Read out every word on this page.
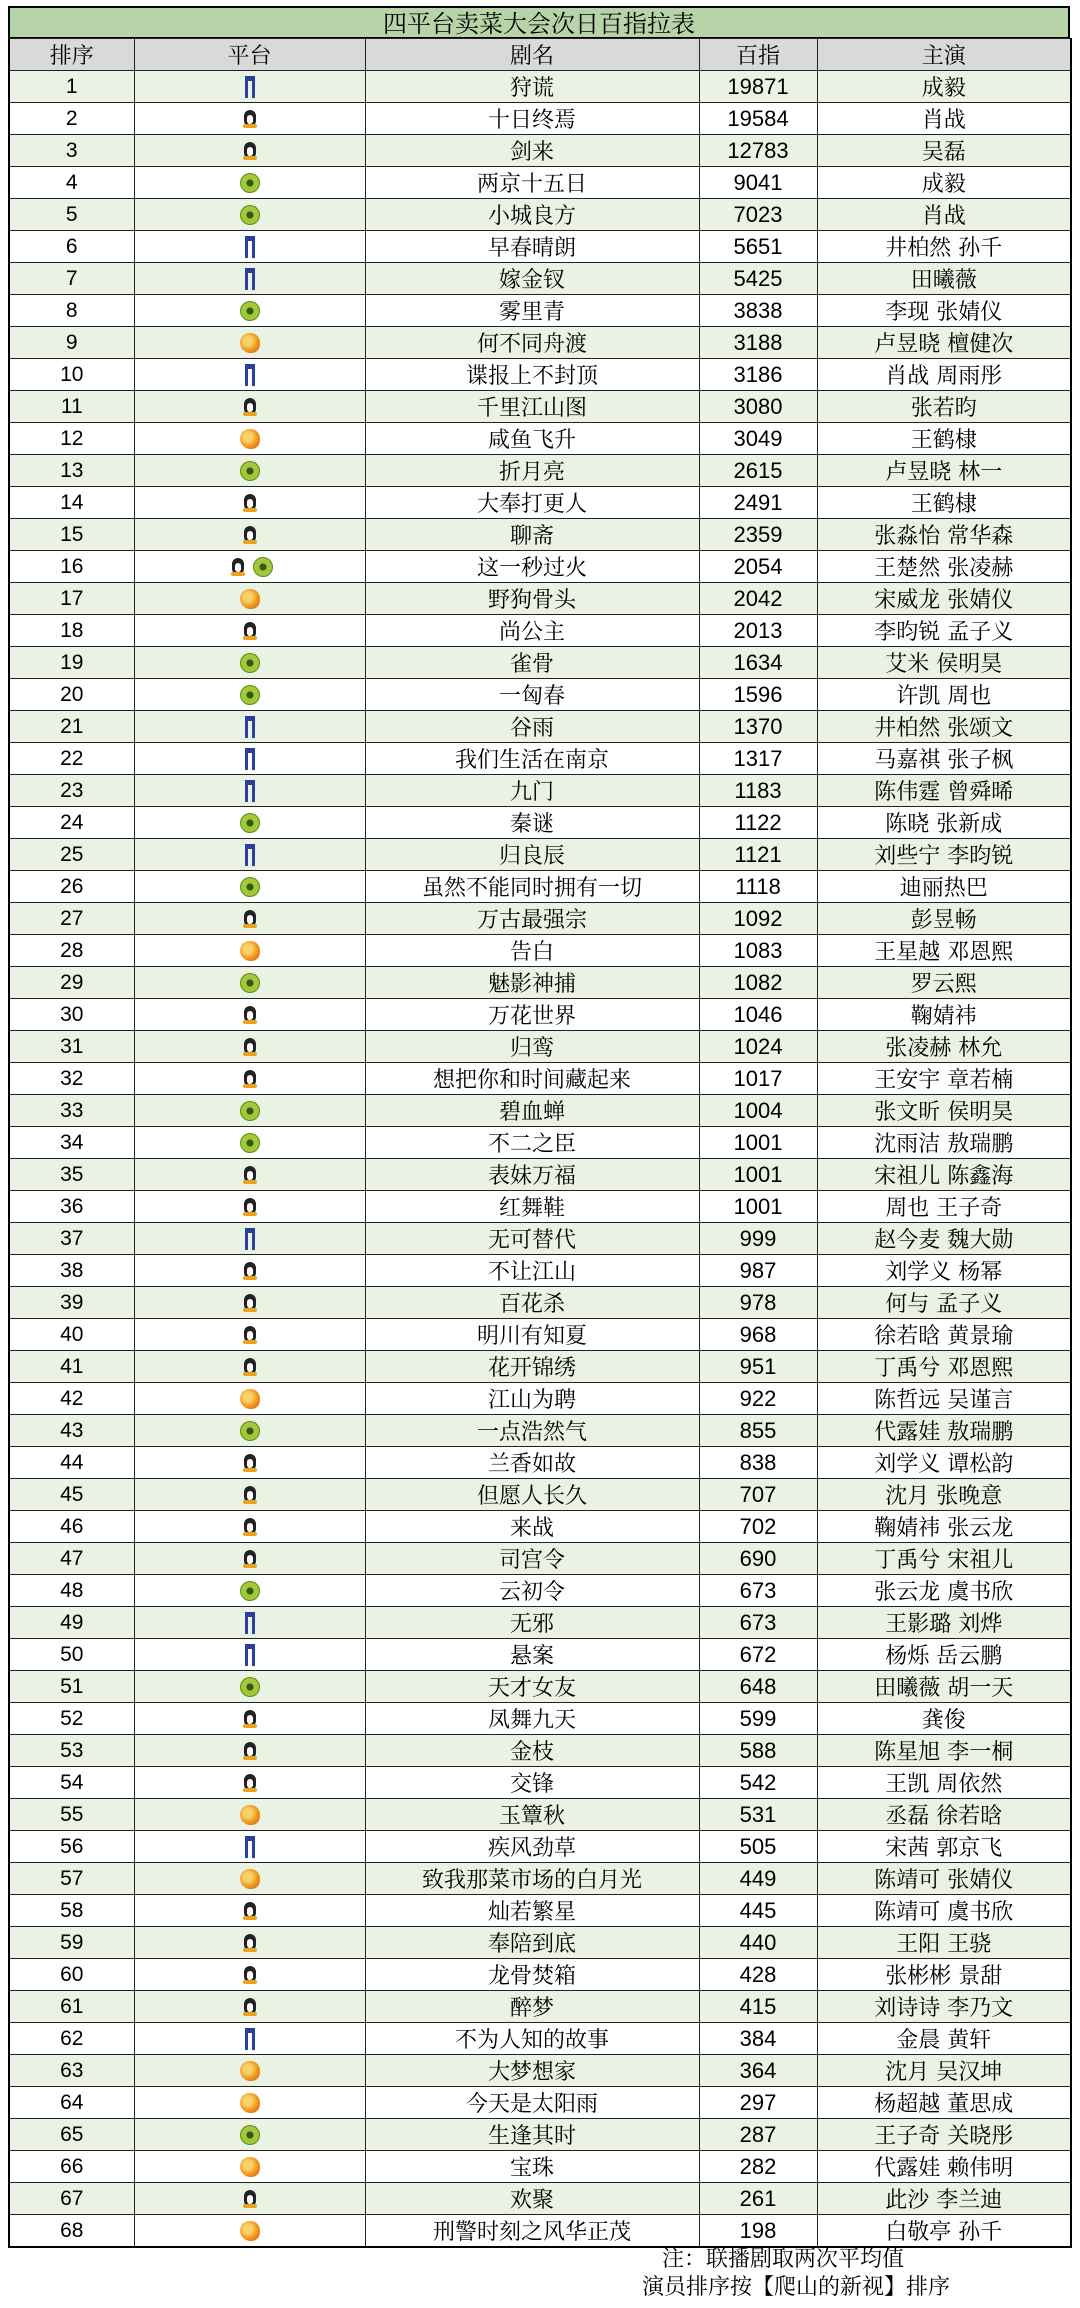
四平台卖菜大会次日百指拉表
排序	平台	剧名	百指	主演
1		狩谎	19871	成毅
2		十日终焉	19584	肖战
3		剑来	12783	吴磊
4		两京十五日	9041	成毅
5		小城良方	7023	肖战
6		早春晴朗	5651	井柏然 孙千
7		嫁金钗	5425	田曦薇
8		雾里青	3838	李现 张婧仪
9		何不同舟渡	3188	卢昱晓 檀健次
10		谍报上不封顶	3186	肖战 周雨彤
11		千里江山图	3080	张若昀
12		咸鱼飞升	3049	王鹤棣
13		折月亮	2615	卢昱晓 林一
14		大奉打更人	2491	王鹤棣
15		聊斋	2359	张淼怡 常华森
16		这一秒过火	2054	王楚然 张凌赫
17		野狗骨头	2042	宋威龙 张婧仪
18		尚公主	2013	李昀锐 孟子义
19		雀骨	1634	艾米 侯明昊
20		一匈春	1596	许凯 周也
21		谷雨	1370	井柏然 张颂文
22		我们生活在南京	1317	马嘉祺 张子枫
23		九门	1183	陈伟霆 曾舜晞
24		秦谜	1122	陈晓 张新成
25		归良辰	1121	刘些宁 李昀锐
26		虽然不能同时拥有一切	1118	迪丽热巴
27		万古最强宗	1092	彭昱畅
28		告白	1083	王星越 邓恩熙
29		魅影神捕	1082	罗云熙
30		万花世界	1046	鞠婧祎
31		归鸾	1024	张凌赫 林允
32		想把你和时间藏起来	1017	王安宇 章若楠
33		碧血蝉	1004	张文昕 侯明昊
34		不二之臣	1001	沈雨洁 敖瑞鹏
35		表妹万福	1001	宋祖儿 陈鑫海
36		红舞鞋	1001	周也 王子奇
37		无可替代	999	赵今麦 魏大勋
38		不让江山	987	刘学义 杨幂
39		百花杀	978	何与 孟子义
40		明川有知夏	968	徐若晗 黄景瑜
41		花开锦绣	951	丁禹兮 邓恩熙
42		江山为聘	922	陈哲远 吴谨言
43		一点浩然气	855	代露娃 敖瑞鹏
44		兰香如故	838	刘学义 谭松韵
45		但愿人长久	707	沈月 张晚意
46		来战	702	鞠婧祎 张云龙
47		司宫令	690	丁禹兮 宋祖儿
48		云初令	673	张云龙 虞书欣
49		无邪	673	王影璐 刘烨
50		悬案	672	杨烁 岳云鹏
51		天才女友	648	田曦薇 胡一天
52		凤舞九天	599	龚俊
53		金枝	588	陈星旭 李一桐
54		交锋	542	王凯 周依然
55		玉簟秋	531	丞磊 徐若晗
56		疾风劲草	505	宋茜 郭京飞
57		致我那菜市场的白月光	449	陈靖可 张婧仪
58		灿若繁星	445	陈靖可 虞书欣
59		奉陪到底	440	王阳 王骁
60		龙骨焚箱	428	张彬彬 景甜
61		醉梦	415	刘诗诗 李乃文
62		不为人知的故事	384	金晨 黄轩
63		大梦想家	364	沈月 吴汉坤
64		今天是太阳雨	297	杨超越 董思成
65		生逢其时	287	王子奇 关晓彤
66		宝珠	282	代露娃 赖伟明
67		欢聚	261	此沙 李兰迪
68		刑警时刻之风华正茂	198	白敬亭 孙千
注：联播剧取两次平均值
演员排序按【爬山的新视】排序
